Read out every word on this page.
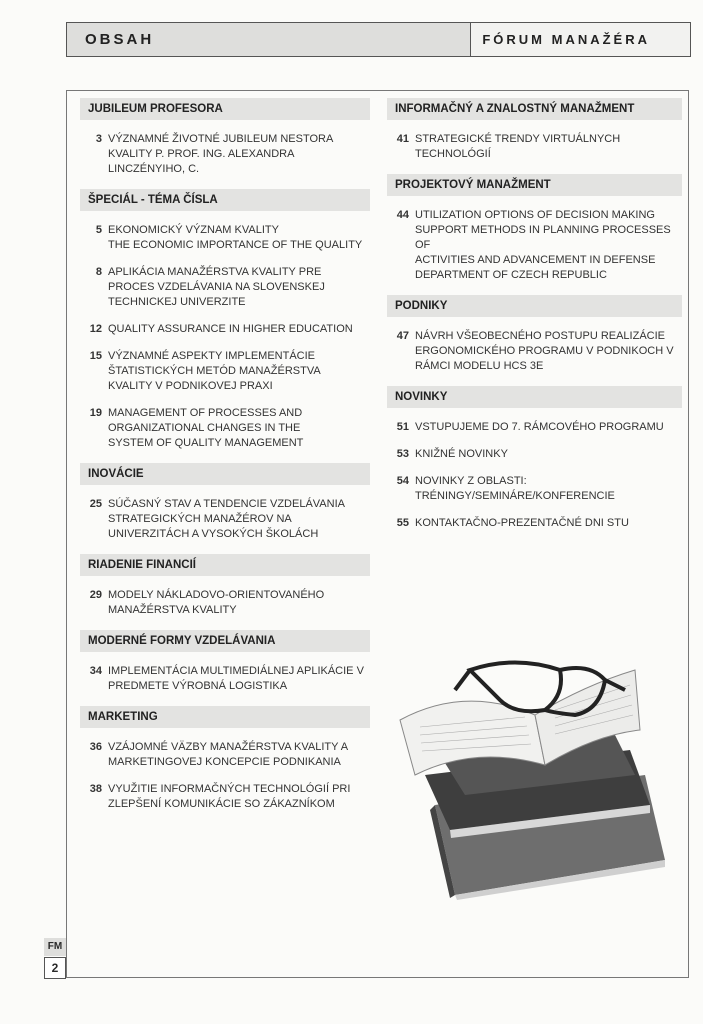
OBSAH	FÓRUM MANAŽÉRA
JUBILEUM PROFESORA
3 VÝZNAMNÉ ŽIVOTNÉ JUBILEUM NESTORA
KVALITY P. PROF. ING. ALEXANDRA
LINCZÉNYIHO, C.
ŠPECIÁL - TÉMA ČÍSLA
5 EKONOMICKÝ VÝZNAM KVALITY
THE ECONOMIC IMPORTANCE OF THE QUALITY
8 APLIKÁCIA MANAŽÉRSTVA KVALITY PRE
PROCES VZDELÁVANIA NA SLOVENSKEJ
TECHNICKEJ UNIVERZITE
12 QUALITY ASSURANCE IN HIGHER EDUCATION
15 VÝZNAMNÉ ASPEKTY IMPLEMENTÁCIE
ŠTATISTICKÝCH METÓD MANAŽÉRSTVA
KVALITY V PODNIKOVEJ PRAXI
19 MANAGEMENT OF PROCESSES AND
ORGANIZATIONAL CHANGES IN THE
SYSTEM OF QUALITY MANAGEMENT
INOVÁCIE
25 SÚČASNÝ STAV A TENDENCIE VZDELÁVANIA
STRATEGICKÝCH MANAŽÉROV NA
UNIVERZITÁCH A VYSOKÝCH ŠKOLÁCH
RIADENIE FINANCIÍ
29 MODELY NÁKLADOVO-ORIENTOVANÉHO
MANAŽÉRSTVA KVALITY
MODERNÉ FORMY VZDELÁVANIA
34 IMPLEMENTÁCIA MULTIMEDIÁLNEJ APLIKÁCIE V
PREDMETE VÝROBNÁ LOGISTIKA
MARKETING
36 VZÁJOMNÉ VÄZBY MANAŽÉRSTVA KVALITY A
MARKETINGOVEJ KONCEPCIE PODNIKANIA
38 VYUŽITIE INFORMAČNÝCH TECHNOLÓGIÍ PRI
ZLEPŠENÍ KOMUNIKÁCIE SO ZÁKAZNÍKOM
INFORMAČNÝ A ZNALOSTNÝ MANAŽMENT
41 STRATEGICKÉ TRENDY VIRTUÁLNYCH TECHNOLÓGIÍ
PROJEKTOVÝ MANAŽMENT
44 UTILIZATION OPTIONS OF DECISION MAKING
SUPPORT METHODS IN PLANNING PROCESSES OF
ACTIVITIES AND ADVANCEMENT IN DEFENSE
DEPARTMENT OF CZECH REPUBLIC
PODNIKY
47 NÁVRH VŠEOBECNÉHO POSTUPU REALIZÁCIE
ERGONOMICKÉHO PROGRAMU V PODNIKOCH V
RÁMCI MODELU HCS 3E
NOVINKY
51 VSTUPUJEME DO 7. RÁMCOVÉHO PROGRAMU
53 KNIŽNÉ NOVINKY
54 NOVINKY Z OBLASTI:
TRÉNINGY/SEMINÁRE/KONFERENCIE
55 KONTAKTAČNO-PREZENTAČNÉ DNI STU
FM
2
